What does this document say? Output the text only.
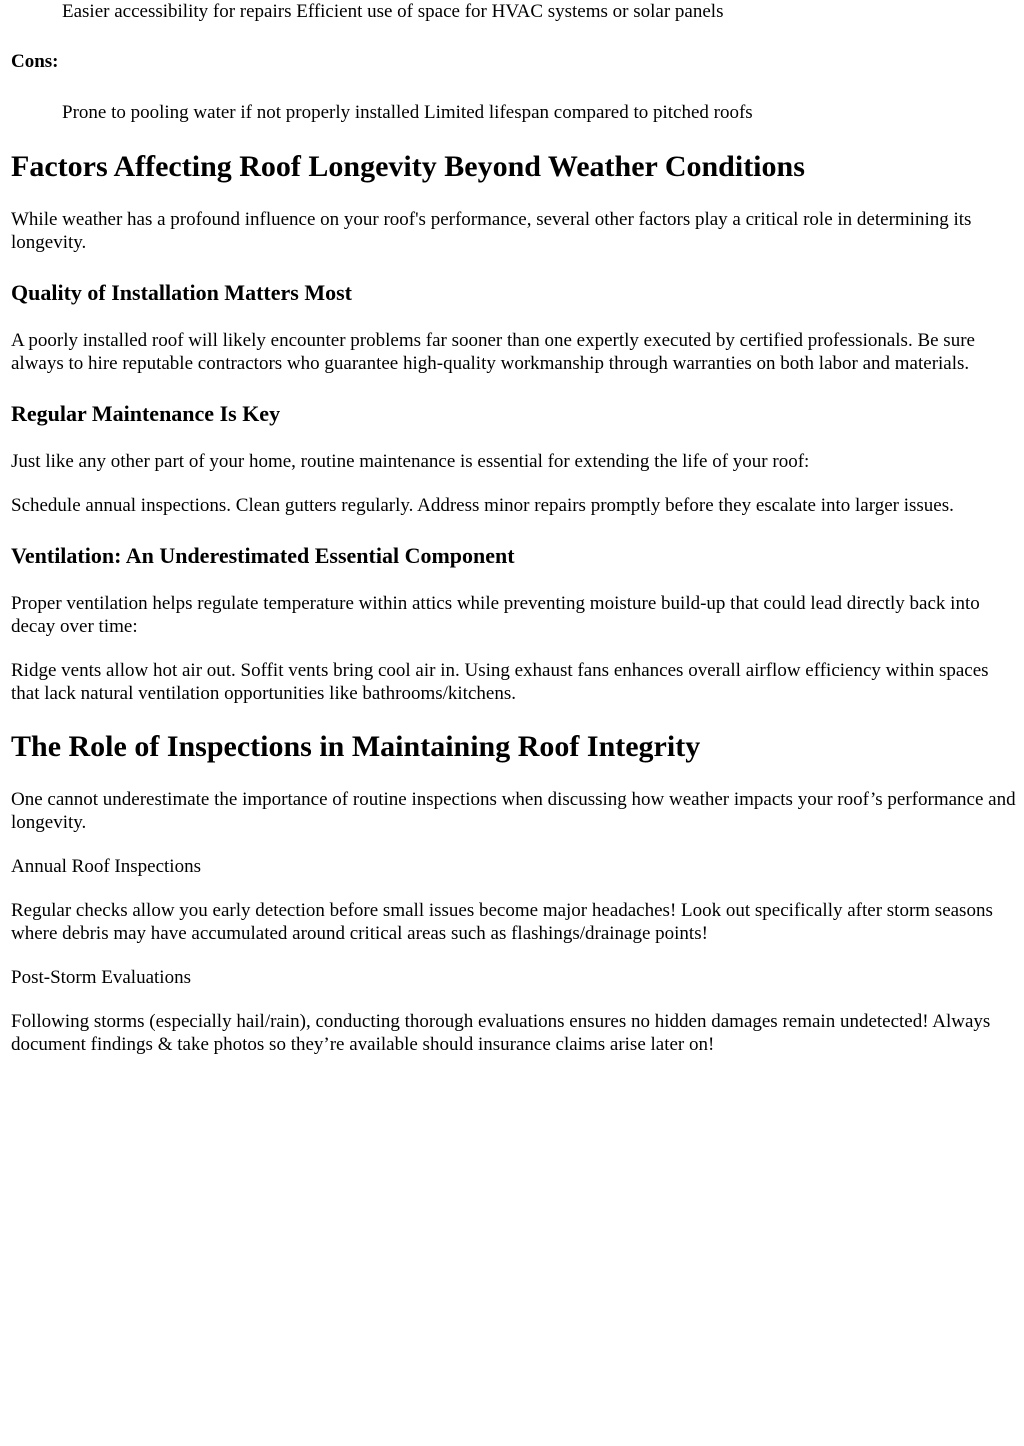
Easier accessibility for repairs Efficient use of space for HVAC systems or solar panels

Cons:

Prone to pooling water if not properly installed Limited lifespan compared to pitched roofs

Factors Affecting Roof Longevity Beyond Weather Conditions

While weather has a profound influence on your roof's performance, several other factors play a critical role in determining its longevity.

Quality of Installation Matters Most

A poorly installed roof will likely encounter problems far sooner than one expertly executed by certified professionals. Be sure always to hire reputable contractors who guarantee high-quality workmanship through warranties on both labor and materials.

Regular Maintenance Is Key

Just like any other part of your home, routine maintenance is essential for extending the life of your roof:

Schedule annual inspections. Clean gutters regularly. Address minor repairs promptly before they escalate into larger issues.

Ventilation: An Underestimated Essential Component

Proper ventilation helps regulate temperature within attics while preventing moisture build-up that could lead directly back into decay over time:

Ridge vents allow hot air out. Soffit vents bring cool air in. Using exhaust fans enhances overall airflow efficiency within spaces that lack natural ventilation opportunities like bathrooms/kitchens.

The Role of Inspections in Maintaining Roof Integrity

One cannot underestimate the importance of routine inspections when discussing how weather impacts your roof’s performance and longevity.

Annual Roof Inspections

Regular checks allow you early detection before small issues become major headaches! Look out specifically after storm seasons where debris may have accumulated around critical areas such as flashings/drainage points!

Post-Storm Evaluations

Following storms (especially hail/rain), conducting thorough evaluations ensures no hidden damages remain undetected! Always document findings & take photos so they’re available should insurance claims arise later on!
